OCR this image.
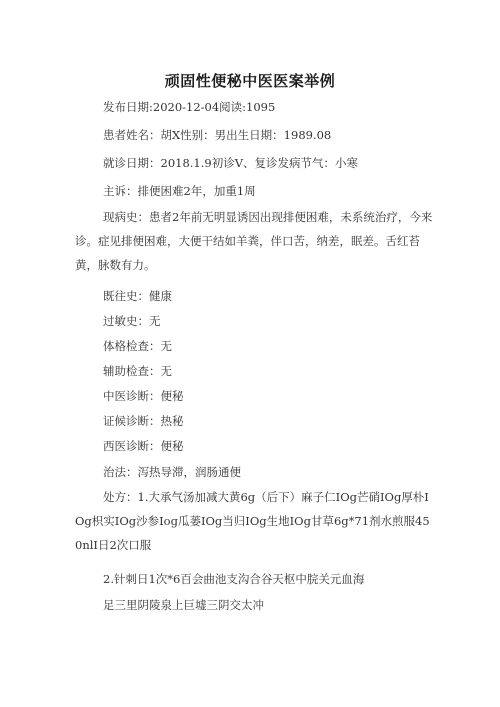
顽固性便秘中医医案举例
发布日期:2020-12-04阅读:1095
患者姓名：胡X性别：男出生日期：1989.08
就诊日期：2018.1.9初诊V、复诊发病节气：小寒
主诉：排便困难2年，加重1周
现病史：患者2年前无明显诱因出现排便困难，未系统治疗，今来诊。症见排便困难，大便干结如羊粪，伴口苦，纳差，眠差。舌红苔黄，脉数有力。
既往史：健康
过敏史：无
体格检查：无
辅助检查：无
中医诊断：便秘
证候诊断：热秘
西医诊断：便秘
治法：泻热导滞，润肠通便
处方：1.大承气汤加减大黄6g（后下）麻子仁IOg芒硝IOg厚朴IOg枳实IOg沙参Iog瓜蒌IOg当归IOg生地IOg甘草6g*71剂水煎服450nlI日2次口服
2.针刺日1次*6百会曲池支沟合谷天枢中脘关元血海
足三里阴陵泉上巨墟三阴交太冲
